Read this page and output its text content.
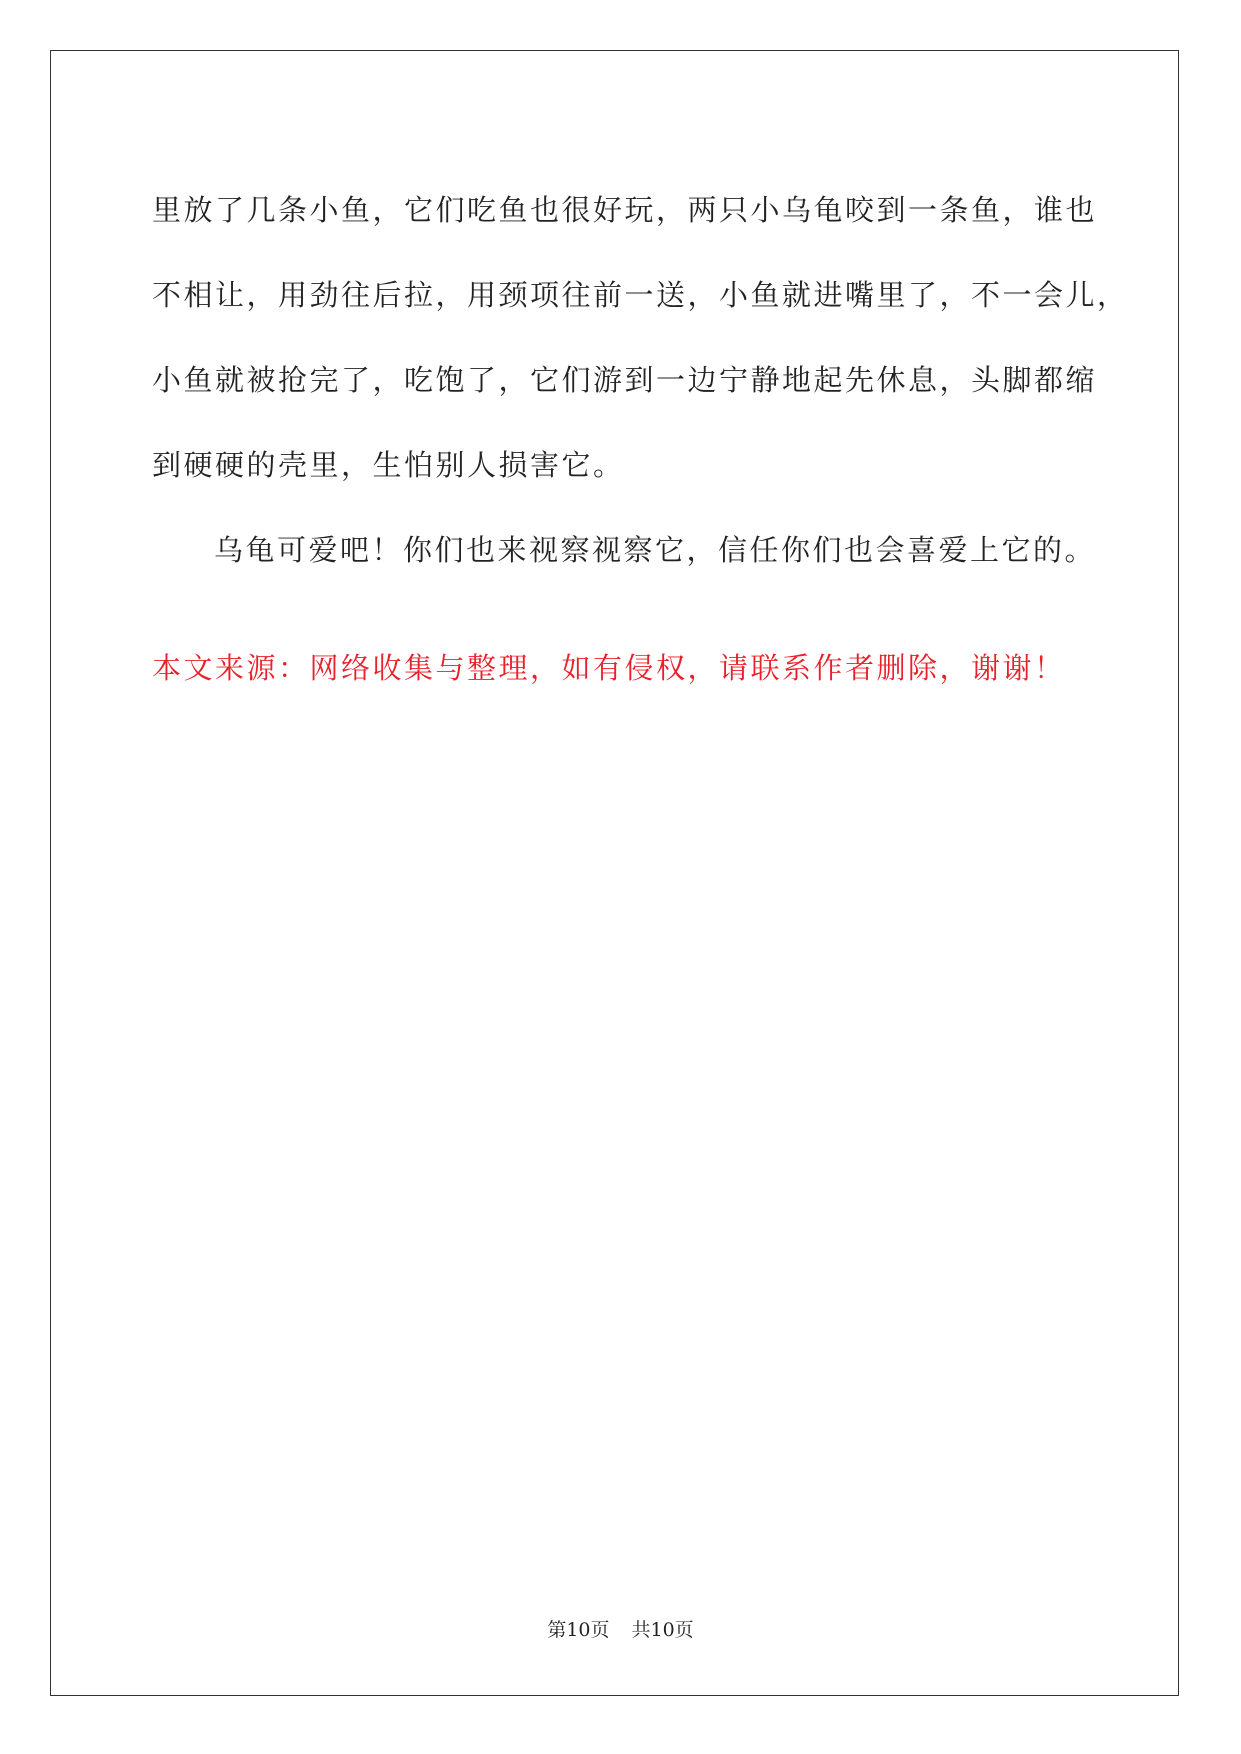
里放了几条小鱼，它们吃鱼也很好玩，两只小乌龟咬到一条鱼，谁也
不相让，用劲往后拉，用颈项往前一送，小鱼就进嘴里了，不一会儿，
小鱼就被抢完了，吃饱了，它们游到一边宁静地起先休息，头脚都缩
到硬硬的壳里，生怕别人损害它。
乌龟可爱吧！你们也来视察视察它，信任你们也会喜爱上它的。
本文来源：网络收集与整理，如有侵权，请联系作者删除，谢谢！
第10页 共10页
